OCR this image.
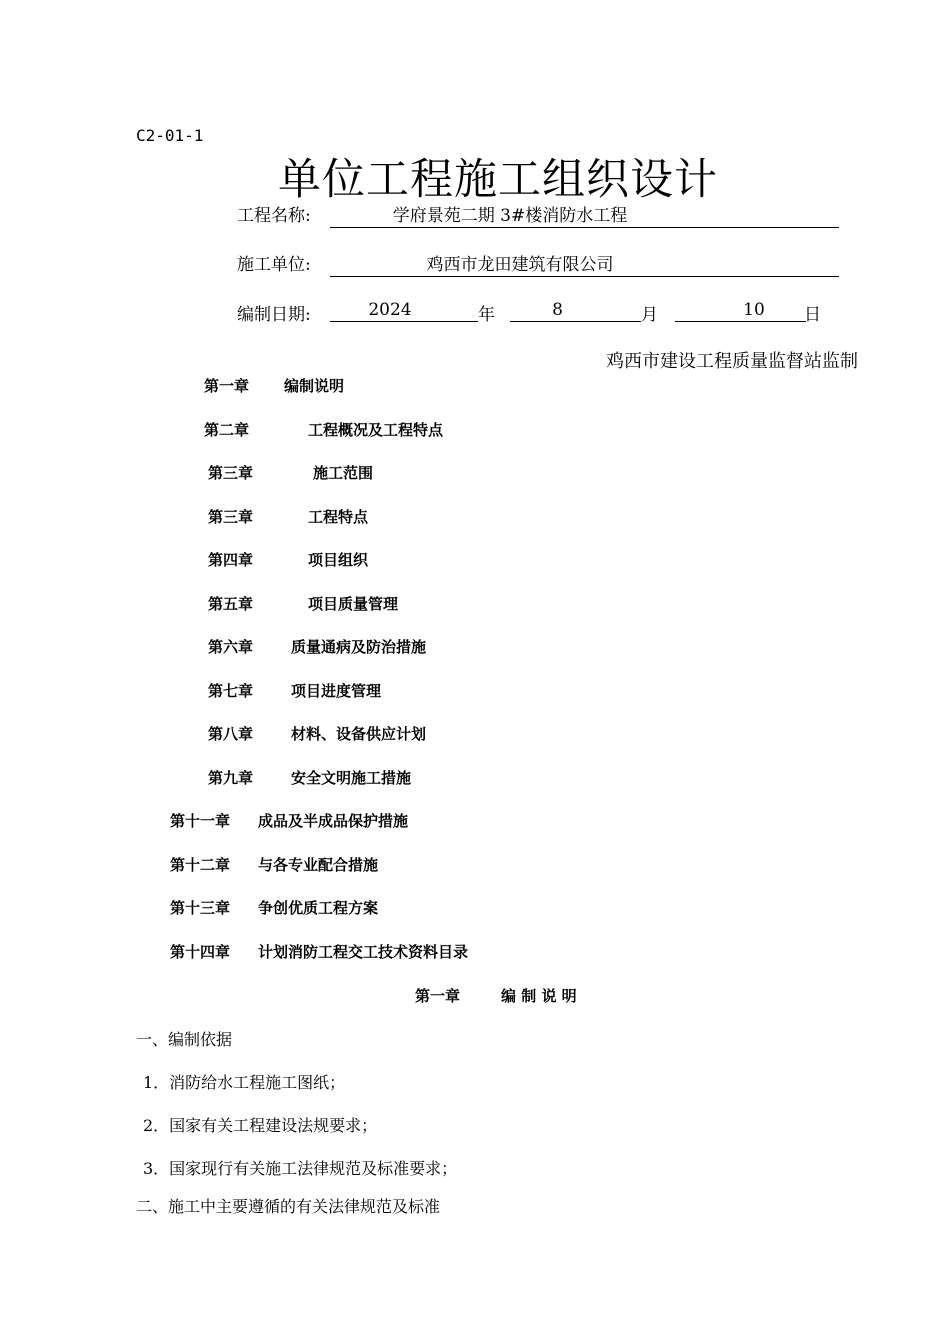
C2-01-1
单位工程施工组织设计
工程名称:	学府景苑二期 3#楼消防水工程
施工单位:	鸡西市龙田建筑有限公司
编制日期:	2024	年	8	月	10	日
鸡西市建设工程质量监督站监制
第一章 编制说明
第二章	工程概况及工程特点
第三章	施工范围
第三章	工程特点
第四章	项目组织
第五章	项目质量管理
第六章	质量通病及防治措施
第七章	项目进度管理
第八章	材料、设备供应计划
第九章	安全文明施工措施
第十一章 成品及半成品保护措施
第十二章 与各专业配合措施
第十三章 争创优质工程方案
第十四章 计划消防工程交工技术资料目录
第一章	编 制 说 明
一、编制依据
1．消防给水工程施工图纸；
2．国家有关工程建设法规要求；
3．国家现行有关施工法律规范及标准要求；
二、施工中主要遵循的有关法律规范及标准
